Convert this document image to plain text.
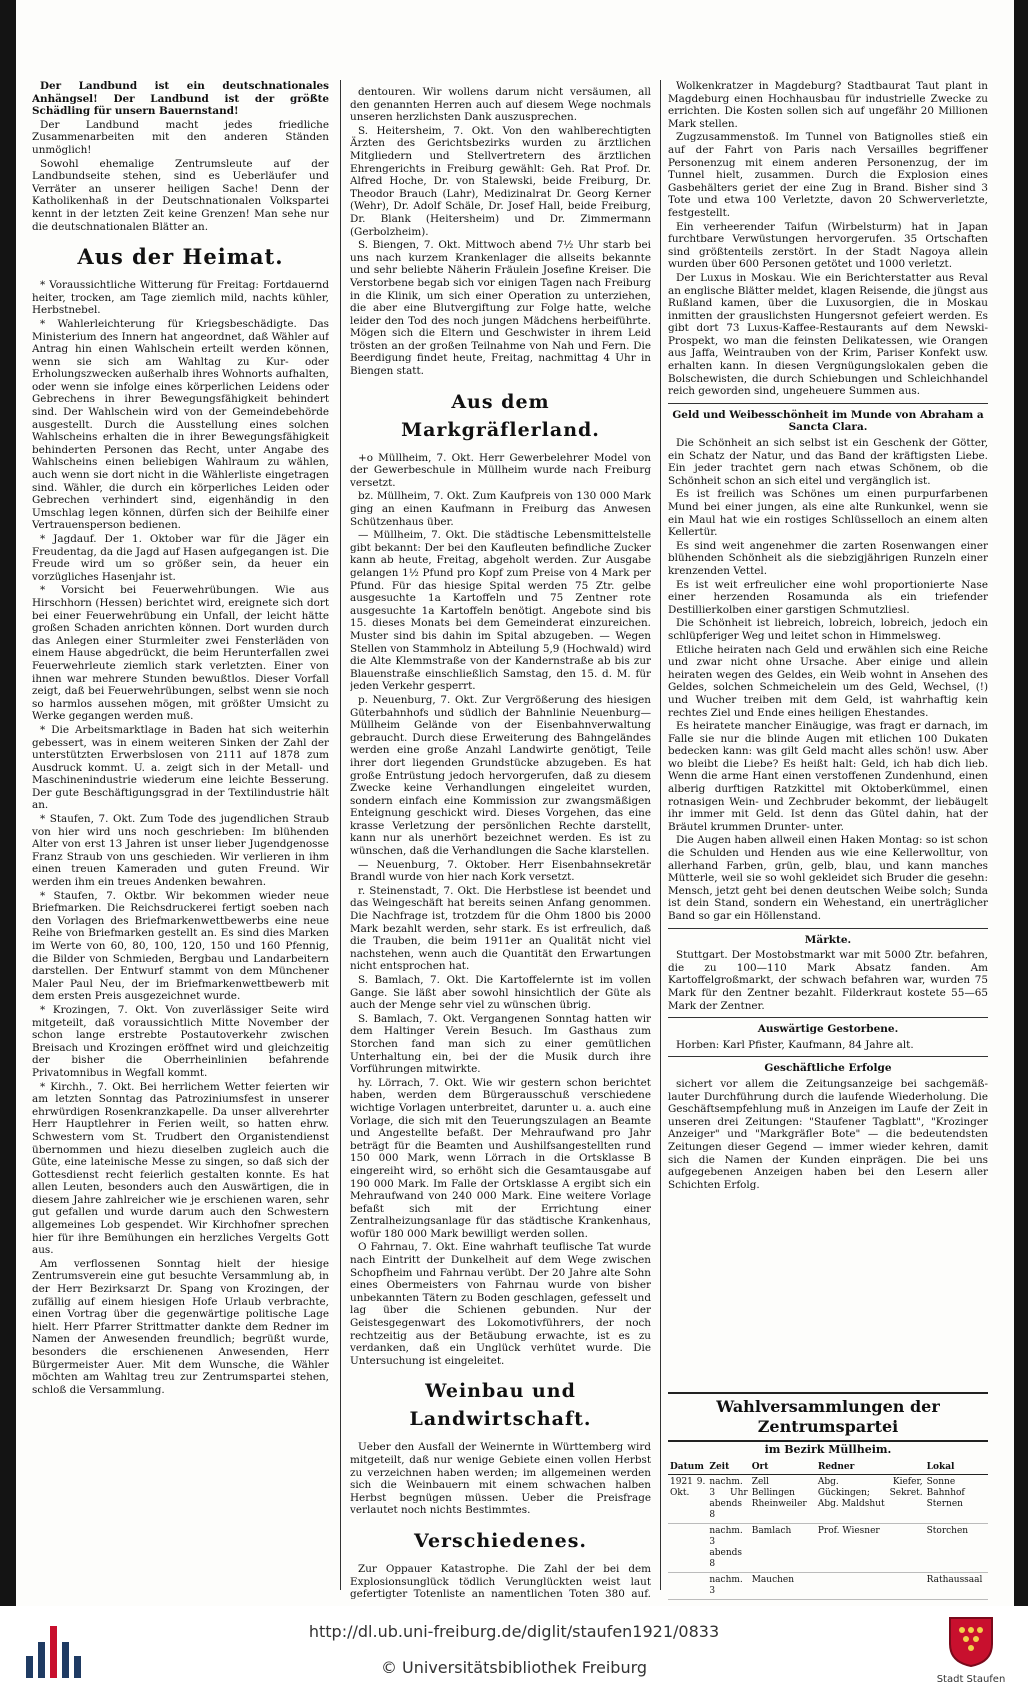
Der Landbund ist ein deutschnationales Anhängsel! Der Landbund ist der größte Schädling für unsern Bauernstand!

Der Landbund macht jedes friedliche Zusammenarbeiten mit den anderen Ständen unmöglich!

Sowohl ehemalige Zentrumsleute auf der Landbundseite stehen, sind es Ueberläufer und Verräter an unserer heiligen Sache! Denn der Katholikenhaß in der Deutschnationalen Volkspartei kennt in der letzten Zeit keine Grenzen! Man sehe nur die deutschnationalen Blätter an.

Aus der Heimat.

* Voraussichtliche Witterung für Freitag: Fortdauernd heiter, trocken, am Tage ziemlich mild, nachts kühler, Herbstnebel.

* Wahlerleichterung für Kriegsbeschädigte. Das Ministerium des Innern hat angeordnet, daß Wähler auf Antrag hin einen Wahlschein erteilt werden können, wenn sie sich am Wahltag zu Kur- oder Erholungszwecken außerhalb ihres Wohnorts aufhalten, oder wenn sie infolge eines körperlichen Leidens oder Gebrechens in ihrer Bewegungsfähigkeit behindert sind. Der Wahlschein wird von der Gemeindebehörde ausgestellt. Durch die Ausstellung eines solchen Wahlscheins erhalten die in ihrer Bewegungsfähigkeit behinderten Personen das Recht, unter Angabe des Wahlscheins einen beliebigen Wahlraum zu wählen, auch wenn sie dort nicht in die Wählerliste eingetragen sind. Wähler, die durch ein körperliches Leiden oder Gebrechen verhindert sind, eigenhändig in den Umschlag legen können, dürfen sich der Beihilfe einer Vertrauensperson bedienen.

* Jagdauf. Der 1. Oktober war für die Jäger ein Freudentag, da die Jagd auf Hasen aufgegangen ist. Die Freude wird um so größer sein, da heuer ein vorzügliches Hasenjahr ist.

* Vorsicht bei Feuerwehrübungen. Wie aus Hirschhorn (Hessen) berichtet wird, ereignete sich dort bei einer Feuerwehrübung ein Unfall, der leicht hätte großen Schaden anrichten können. Dort wurden durch das Anlegen einer Sturmleiter zwei Fensterläden von einem Hause abgedrückt, die beim Herunterfallen zwei Feuerwehrleute ziemlich stark verletzten. Einer von ihnen war mehrere Stunden bewußtlos. Dieser Vorfall zeigt, daß bei Feuerwehrübungen, selbst wenn sie noch so harmlos aussehen mögen, mit größter Umsicht zu Werke gegangen werden muß.

* Die Arbeitsmarktlage in Baden hat sich weiterhin gebessert, was in einem weiteren Sinken der Zahl der unterstützten Erwerbslosen von 2111 auf 1878 zum Ausdruck kommt. U. a. zeigt sich in der Metall- und Maschinenindustrie wiederum eine leichte Besserung. Der gute Beschäftigungsgrad in der Textilindustrie hält an.

* Staufen, 7. Okt. Zum Tode des jugendlichen Straub von hier wird uns noch geschrieben: Im blühenden Alter von erst 13 Jahren ist unser lieber Jugendgenosse Franz Straub von uns geschieden. Wir verlieren in ihm einen treuen Kameraden und guten Freund. Wir werden ihm ein treues Andenken bewahren.

* Staufen, 7. Oktbr. Wir bekommen wieder neue Briefmarken. Die Reichsdruckerei fertigt soeben nach den Vorlagen des Briefmarkenwettbewerbs eine neue Reihe von Briefmarken gestellt an. Es sind dies Marken im Werte von 60, 80, 100, 120, 150 und 160 Pfennig, die Bilder von Schmieden, Bergbau und Landarbeitern darstellen. Der Entwurf stammt von dem Münchener Maler Paul Neu, der im Briefmarkenwettbewerb mit dem ersten Preis ausgezeichnet wurde.

* Krozingen, 7. Okt. Von zuverlässiger Seite wird mitgeteilt, daß voraussichtlich Mitte November der schon lange erstrebte Postautoverkehr zwischen Breisach und Krozingen eröffnet wird und gleichzeitig der bisher die Oberrheinlinien befahrende Privatomnibus in Wegfall kommt.

* Kirchh., 7. Okt. Bei herrlichem Wetter feierten wir am letzten Sonntag das Patroziniumsfest in unserer ehrwürdigen Rosenkranzkapelle. Da unser allverehrter Herr Hauptlehrer in Ferien weilt, so hatten ehrw. Schwestern vom St. Trudbert den Organistendienst übernommen und hiezu dieselben zugleich auch die Güte, eine lateinische Messe zu singen, so daß sich der Gottesdienst recht feierlich gestalten konnte. Es hat allen Leuten, besonders auch den Auswärtigen, die in diesem Jahre zahlreicher wie je erschienen waren, sehr gut gefallen und wurde darum auch den Schwestern allgemeines Lob gespendet. Wir Kirchhofner sprechen hier für ihre Bemühungen ein herzliches Vergelts Gott aus.

Am verflossenen Sonntag hielt der hiesige Zentrumsverein eine gut besuchte Versammlung ab, in der Herr Bezirksarzt Dr. Spang von Krozingen, der zufällig auf einem hiesigen Hofe Urlaub verbrachte, einen Vortrag über die gegenwärtige politische Lage hielt. Herr Pfarrer Strittmatter dankte dem Redner im Namen der Anwesenden freundlich; begrüßt wurde, besonders die erschienenen Anwesenden, Herr Bürgermeister Auer. Mit dem Wunsche, die Wähler möchten am Wahltag treu zur Zentrumspartei stehen, schloß die Versammlung.

dentouren. Wir wollens darum nicht versäumen, all den genannten Herren auch auf diesem Wege nochmals unseren herzlichsten Dank auszusprechen.

S. Heitersheim, 7. Okt. Von den wahlberechtigten Ärzten des Gerichtsbezirks wurden zu ärztlichen Mitgliedern und Stellvertretern des ärztlichen Ehrengerichts in Freiburg gewählt: Geh. Rat Prof. Dr. Alfred Hoche, Dr. von Stalewski, beide Freiburg, Dr. Theodor Brauch (Lahr), Medizinalrat Dr. Georg Kerner (Wehr), Dr. Adolf Schäle, Dr. Josef Hall, beide Freiburg, Dr. Blank (Heitersheim) und Dr. Zimmermann (Gerbolzheim).

S. Biengen, 7. Okt. Mittwoch abend 7½ Uhr starb bei uns nach kurzem Krankenlager die allseits bekannte und sehr beliebte Näherin Fräulein Josefine Kreiser. Die Verstorbene begab sich vor einigen Tagen nach Freiburg in die Klinik, um sich einer Operation zu unterziehen, die aber eine Blutvergiftung zur Folge hatte, welche leider den Tod des noch jungen Mädchens herbeiführte. Mögen sich die Eltern und Geschwister in ihrem Leid trösten an der großen Teilnahme von Nah und Fern. Die Beerdigung findet heute, Freitag, nachmittag 4 Uhr in Biengen statt.

Aus dem Markgräflerland.

+o Müllheim, 7. Okt. Herr Gewerbelehrer Model von der Gewerbeschule in Müllheim wurde nach Freiburg versetzt.

bz. Müllheim, 7. Okt. Zum Kaufpreis von 130 000 Mark ging an einen Kaufmann in Freiburg das Anwesen Schützenhaus über.

— Müllheim, 7. Okt. Die städtische Lebensmittelstelle gibt bekannt: Der bei den Kaufleuten befindliche Zucker kann ab heute, Freitag, abgeholt werden. Zur Ausgabe gelangen 1½ Pfund pro Kopf zum Preise von 4 Mark per Pfund. Für das hiesige Spital werden 75 Ztr. gelbe ausgesuchte 1a Kartoffeln und 75 Zentner rote ausgesuchte 1a Kartoffeln benötigt. Angebote sind bis 15. dieses Monats bei dem Gemeinderat einzureichen. Muster sind bis dahin im Spital abzugeben. — Wegen Stellen von Stammholz in Abteilung 5,9 (Hochwald) wird die Alte Klemmstraße von der Kandernstraße ab bis zur Blauenstraße einschließlich Samstag, den 15. d. M. für jeden Verkehr gesperrt.

p. Neuenburg, 7. Okt. Zur Vergrößerung des hiesigen Güterbahnhofs und südlich der Bahnlinie Neuenburg—Müllheim Gelände von der Eisenbahnverwaltung gebraucht. Durch diese Erweiterung des Bahngeländes werden eine große Anzahl Landwirte genötigt, Teile ihrer dort liegenden Grundstücke abzugeben. Es hat große Entrüstung jedoch hervorgerufen, daß zu diesem Zwecke keine Verhandlungen eingeleitet wurden, sondern einfach eine Kommission zur zwangsmäßigen Enteignung geschickt wird. Dieses Vorgehen, das eine krasse Verletzung der persönlichen Rechte darstellt, kann nur als unerhört bezeichnet werden. Es ist zu wünschen, daß die Verhandlungen die Sache klarstellen.

— Neuenburg, 7. Oktober. Herr Eisenbahnsekretär Brandl wurde von hier nach Kork versetzt.

r. Steinenstadt, 7. Okt. Die Herbstlese ist beendet und das Weingeschäft hat bereits seinen Anfang genommen. Die Nachfrage ist, trotzdem für die Ohm 1800 bis 2000 Mark bezahlt werden, sehr stark. Es ist erfreulich, daß die Trauben, die beim 1911er an Qualität nicht viel nachstehen, wenn auch die Quantität den Erwartungen nicht entsprochen hat.

S. Bamlach, 7. Okt. Die Kartoffelernte ist im vollen Gange. Sie läßt aber sowohl hinsichtlich der Güte als auch der Menge sehr viel zu wünschen übrig.

S. Bamlach, 7. Okt. Vergangenen Sonntag hatten wir dem Haltinger Verein Besuch. Im Gasthaus zum Storchen fand man sich zu einer gemütlichen Unterhaltung ein, bei der die Musik durch ihre Vorführungen mitwirkte.

hy. Lörrach, 7. Okt. Wie wir gestern schon berichtet haben, werden dem Bürgerausschuß verschiedene wichtige Vorlagen unterbreitet, darunter u. a. auch eine Vorlage, die sich mit den Teuerungszulagen an Beamte und Angestellte befaßt. Der Mehraufwand pro Jahr beträgt für die Beamten und Aushilfsangestellten rund 150 000 Mark, wenn Lörrach in die Ortsklasse B eingereiht wird, so erhöht sich die Gesamtausgabe auf 190 000 Mark. Im Falle der Ortsklasse A ergibt sich ein Mehraufwand von 240 000 Mark. Eine weitere Vorlage befaßt sich mit der Errichtung einer Zentralheizungsanlage für das städtische Krankenhaus, wofür 180 000 Mark bewilligt werden sollen.

O Fahrnau, 7. Okt. Eine wahrhaft teuflische Tat wurde nach Eintritt der Dunkelheit auf dem Wege zwischen Schopfheim und Fahrnau verübt. Der 20 Jahre alte Sohn eines Obermeisters von Fahrnau wurde von bisher unbekannten Tätern zu Boden geschlagen, gefesselt und lag über die Schienen gebunden. Nur der Geistesgegenwart des Lokomotivführers, der noch rechtzeitig aus der Betäubung erwachte, ist es zu verdanken, daß ein Unglück verhütet wurde. Die Untersuchung ist eingeleitet.

Weinbau und Landwirtschaft.

Ueber den Ausfall der Weinernte in Württemberg wird mitgeteilt, daß nur wenige Gebiete einen vollen Herbst zu verzeichnen haben werden; im allgemeinen werden sich die Weinbauern mit einem schwachen halben Herbst begnügen müssen. Ueber die Preisfrage verlautet noch nichts Bestimmtes.

Verschiedenes.

Zur Oppauer Katastrophe. Die Zahl der bei dem Explosionsunglück tödlich Verunglückten weist laut gefertigter Totenliste an namentlichen Toten 380 auf.

Wolkenkratzer in Magdeburg? Stadtbaurat Taut plant in Magdeburg einen Hochhausbau für industrielle Zwecke zu errichten. Die Kosten sollen sich auf ungefähr 20 Millionen Mark stellen.

Zugzusammenstoß. Im Tunnel von Batignolles stieß ein auf der Fahrt von Paris nach Versailles begriffener Personenzug mit einem anderen Personenzug, der im Tunnel hielt, zusammen. Durch die Explosion eines Gasbehälters geriet der eine Zug in Brand. Bisher sind 3 Tote und etwa 100 Verletzte, davon 20 Schwerverletzte, festgestellt.

Ein verheerender Taifun (Wirbelsturm) hat in Japan furchtbare Verwüstungen hervorgerufen. 35 Ortschaften sind größtenteils zerstört. In der Stadt Nagoya allein wurden über 600 Personen getötet und 1000 verletzt.

Der Luxus in Moskau. Wie ein Berichterstatter aus Reval an englische Blätter meldet, klagen Reisende, die jüngst aus Rußland kamen, über die Luxusorgien, die in Moskau inmitten der grauslichsten Hungersnot gefeiert werden. Es gibt dort 73 Luxus-Kaffee-Restaurants auf dem Newski-Prospekt, wo man die feinsten Delikatessen, wie Orangen aus Jaffa, Weintrauben von der Krim, Pariser Konfekt usw. erhalten kann. In diesen Vergnügungslokalen geben die Bolschewisten, die durch Schiebungen und Schleichhandel reich geworden sind, ungeheuere Summen aus.

Geld und Weibesschönheit im Munde von Abraham a Sancta Clara.

Die Schönheit an sich selbst ist ein Geschenk der Götter, ein Schatz der Natur, und das Band der kräftigsten Liebe. Ein jeder trachtet gern nach etwas Schönem, ob die Schönheit schon an sich eitel und vergänglich ist.

Es ist freilich was Schönes um einen purpurfarbenen Mund bei einer jungen, als eine alte Runkunkel, wenn sie ein Maul hat wie ein rostiges Schlüsselloch an einem alten Kellertür.

Es sind weit angenehmer die zarten Rosenwangen einer blühenden Schönheit als die siebzigjährigen Runzeln einer krenzenden Vettel.

Es ist weit erfreulicher eine wohl proportionierte Nase einer herzenden Rosamunda als ein triefender Destillierkolben einer garstigen Schmutzliesl.

Die Schönheit ist liebreich, lobreich, lobreich, jedoch ein schlüpferiger Weg und leitet schon in Himmelsweg.

Etliche heiraten nach Geld und erwählen sich eine Reiche und zwar nicht ohne Ursache. Aber einige und allein heiraten wegen des Geldes, ein Weib wohnt in Ansehen des Geldes, solchen Schmeichelein um des Geld, Wechsel, (!) und Wucher treiben mit dem Geld, ist wahrhaftig kein rechtes Ziel und Ende eines heiligen Ehestandes.

Es heiratete mancher Einäugige, was fragt er darnach, im Falle sie nur die blinde Augen mit etlichen 100 Dukaten bedecken kann: was gilt Geld macht alles schön! usw. Aber wo bleibt die Liebe? Es heißt halt: Geld, ich hab dich lieb. Wenn die arme Hant einen verstoffenen Zundenhund, einen alberig durftigen Ratzkittel mit Oktoberkümmel, einen rotnasigen Wein- und Zechbruder bekommt, der liebäugelt ihr immer mit Geld. Ist denn das Gütel dahin, hat der Bräutel krummen Drunter- unter.

Die Augen haben allweil einen Haken Montag: so ist schon die Schulden und Henden aus wie eine Kellerwolltur, von allerhand Farben, grün, gelb, blau, und kann manches Mütterle, weil sie so wohl gekleidet sich Bruder die gesehn: Mensch, jetzt geht bei denen deutschen Weibe solch; Sunda ist dein Stand, sondern ein Wehestand, ein unerträglicher Band so gar ein Höllenstand.

Märkte.

Stuttgart. Der Mostobstmarkt war mit 5000 Ztr. befahren, die zu 100—110 Mark Absatz fanden. Am Kartoffelgroßmarkt, der schwach befahren war, wurden 75 Mark für den Zentner bezahlt. Filderkraut kostete 55—65 Mark der Zentner.

Auswärtige Gestorbene.

Horben: Karl Pfister, Kaufmann, 84 Jahre alt.

Geschäftliche Erfolge

sichert vor allem die Zeitungsanzeige bei sachgemäß-lauter Durchführung durch die laufende Wiederholung. Die Geschäftsempfehlung muß in Anzeigen im Laufe der Zeit in unseren drei Zeitungen: "Staufener Tagblatt", "Krozinger Anzeiger" und "Markgräfler Bote" — die bedeutendsten Zeitungen dieser Gegend — immer wieder kehren, damit sich die Namen der Kunden einprägen. Die bei uns aufgegebenen Anzeigen haben bei den Lesern aller Schichten Erfolg.

Wahlversammlungen der Zentrumspartei
im Bezirk Müllheim.
Datum	Zeit	Ort	Redner	Lokal
1921 9. Okt.	nachm. 3 Uhr abends 8	Zell Bellingen Rheinweiler	Abg. Kiefer, Gückingen; Sekret. Abg. Maldshut	Sonne Bahnhof Sternen
	nachm. 3 abends 8	Bamlach	Prof. Wiesner	Storchen
	nachm. 3	Mauchen		Rathaussaal

http://dl.ub.uni-freiburg.de/diglit/staufen1921/0833
© Universitätsbibliothek Freiburg
Stadt Staufen
